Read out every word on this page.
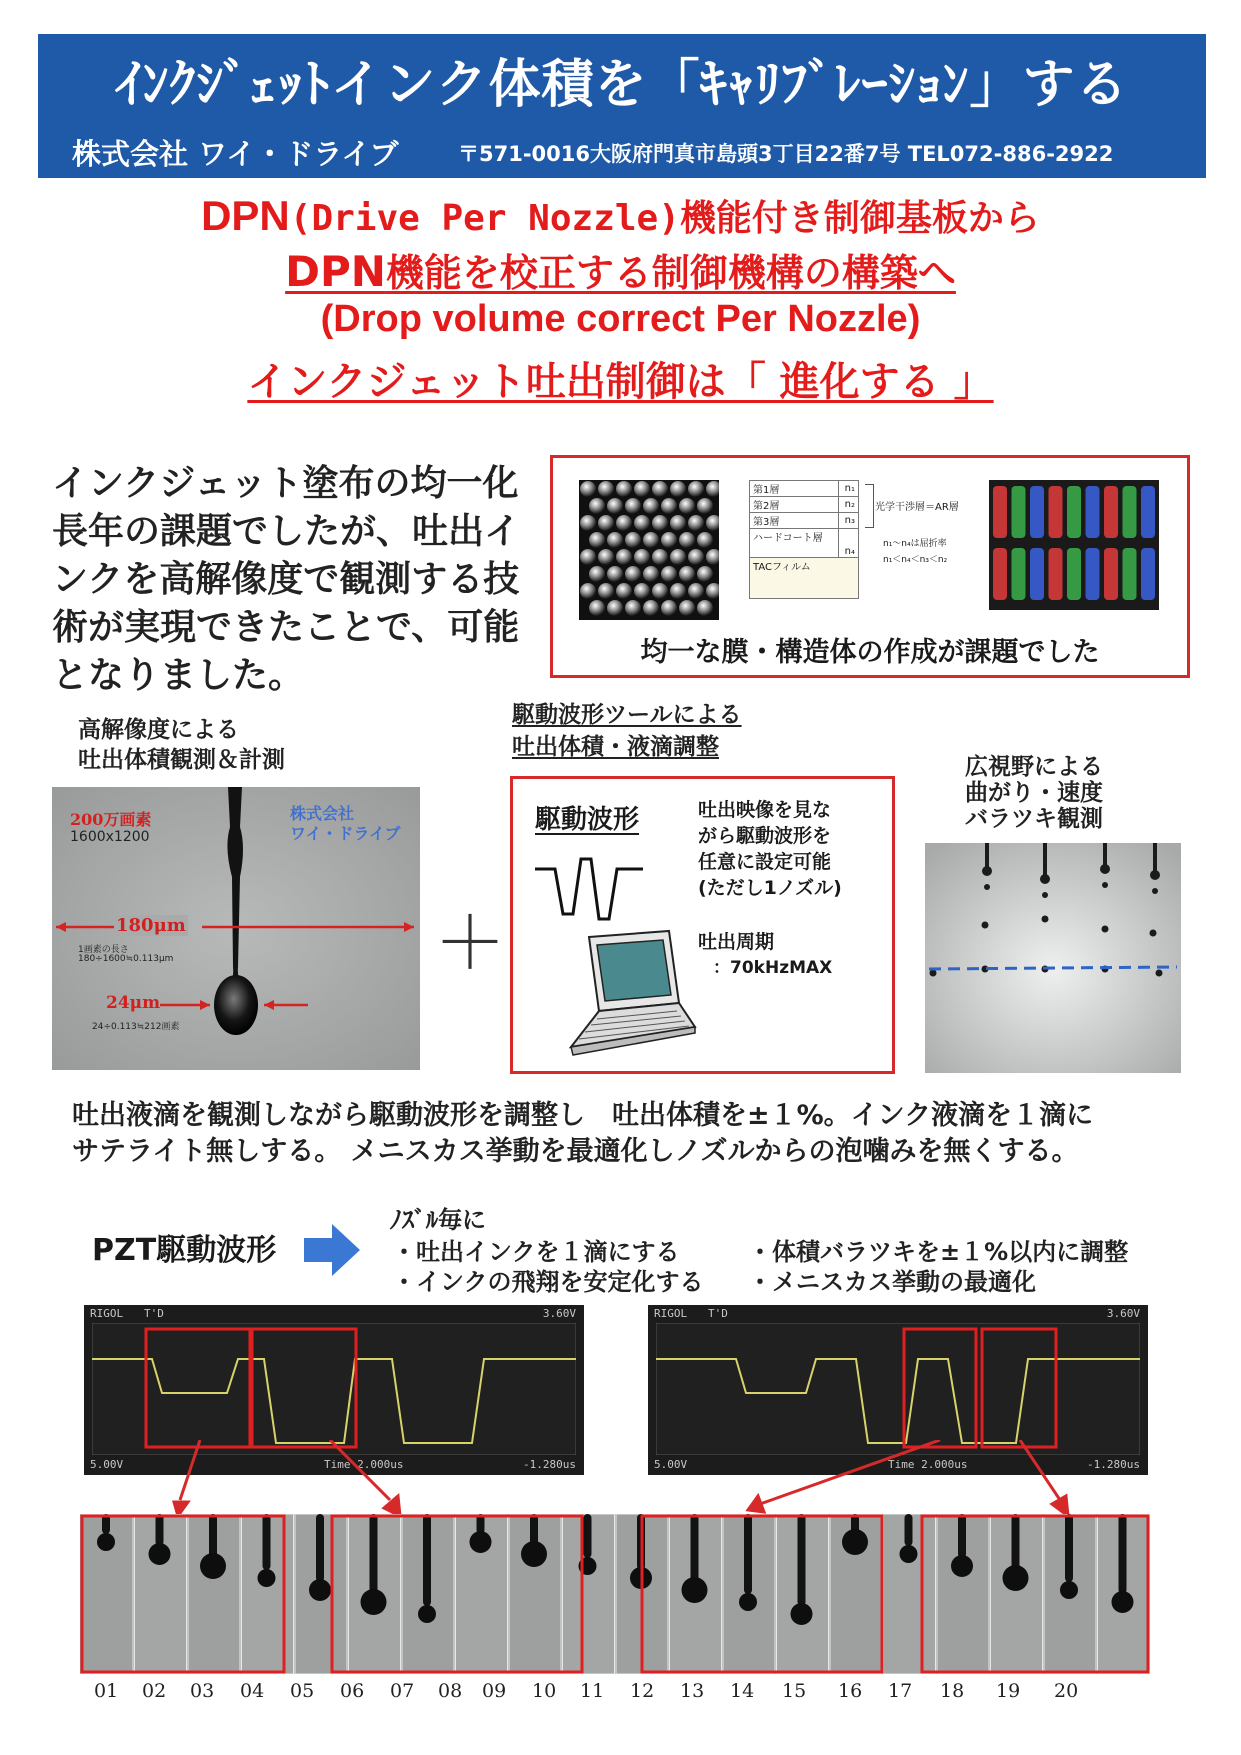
ｲﾝｸｼﾞｪｯﾄインク体積を「ｷｬﾘﾌﾞﾚｰｼｮﾝ」する
株式会社 ワイ・ドライブ	〒571-0016大阪府門真市島頭3丁目22番7号 TEL072-886-2922
DPN(Drive Per Nozzle)機能付き制御基板から
DPN機能を校正する制御機構の構築へ
(Drop volume correct Per Nozzle)
インクジェット吐出制御は「 進化する 」
インクジェット塗布の均一化
長年の課題でしたが、吐出イ
ンクを高解像度で観測する技
術が実現できたことで、可能
となりました。
第1層	n₁
第2層	n₂
第3層	n₃
ハードコート層	n₄
TACフィルム	
光学干渉層＝AR層
n₁～n₄は屈折率
n₁＜n₄＜n₃＜n₂
均一な膜・構造体の作成が課題でした
高解像度による
吐出体積観測＆計測
200万画素
1600x1200
株式会社
ワイ・ドライブ
180μm
1画素の長さ
180÷1600≒0.113μm
24μm
24÷0.113≒212画素
＋
駆動波形ツールによる
吐出体積・液滴調整
駆動波形	吐出映像を見な
がら駆動波形を
任意に設定可能
(ただし1ノズル)
吐出周期
：70kHzMAX
広視野による
曲がり・速度
バラツキ観測
吐出液滴を観測しながら駆動波形を調整し　吐出体積を±１%。インク液滴を１滴に
サテライト無しする。 メニスカス挙動を最適化しノズルからの泡噛みを無くする。
PZT駆動波形
ﾉｽﾞﾙ毎に
・吐出インクを１滴にする
・インクの飛翔を安定化する
・体積バラツキを±１%以内に調整
・メニスカス挙動の最適化
RIGOL T'D	3.60V
5.00V	Time 2.000us	-1.280us
RIGOL T'D	3.60V
5.00V	Time 2.000us	-1.280us
01 02 03 04 05 06 07 08 09 10 11 12 13 14 15 16 17 18 19 20
